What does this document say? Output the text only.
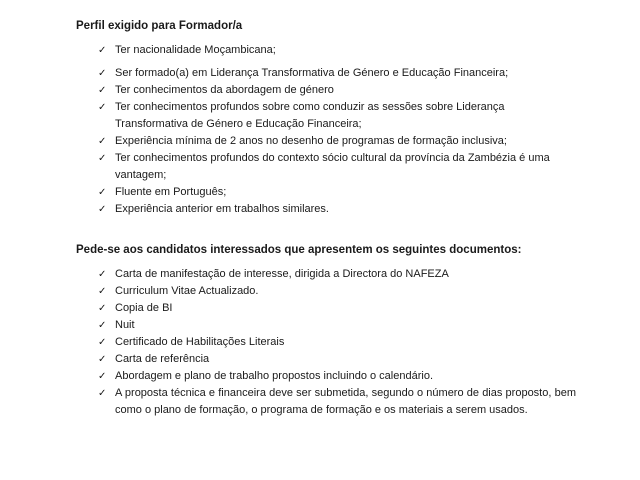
Perfil exigido para Formador/a

✓ Ter nacionalidade Moçambicana;
✓ Ser formado(a) em Liderança Transformativa de Género e Educação Financeira;
✓ Ter conhecimentos da abordagem de género
✓ Ter conhecimentos profundos sobre como conduzir as sessões sobre Liderança Transformativa de Género e Educação Financeira;
✓ Experiência mínima de 2 anos no desenho de programas de formação inclusiva;
✓ Ter conhecimentos profundos do contexto sócio cultural da província da Zambézia é uma vantagem;
✓ Fluente em Português;
✓ Experiência anterior em trabalhos similares.

Pede-se aos candidatos interessados que apresentem os seguintes documentos:

✓ Carta de manifestação de interesse, dirigida a Directora do NAFEZA
✓ Curriculum Vitae Actualizado.
✓ Copia de BI
✓ Nuit
✓ Certificado de Habilitações Literais
✓ Carta de referência
✓ Abordagem e plano de trabalho propostos incluindo o calendário.
✓ A proposta técnica e financeira deve ser submetida, segundo o número de dias proposto, bem como o plano de formação, o programa de formação e os materiais a serem usados.
